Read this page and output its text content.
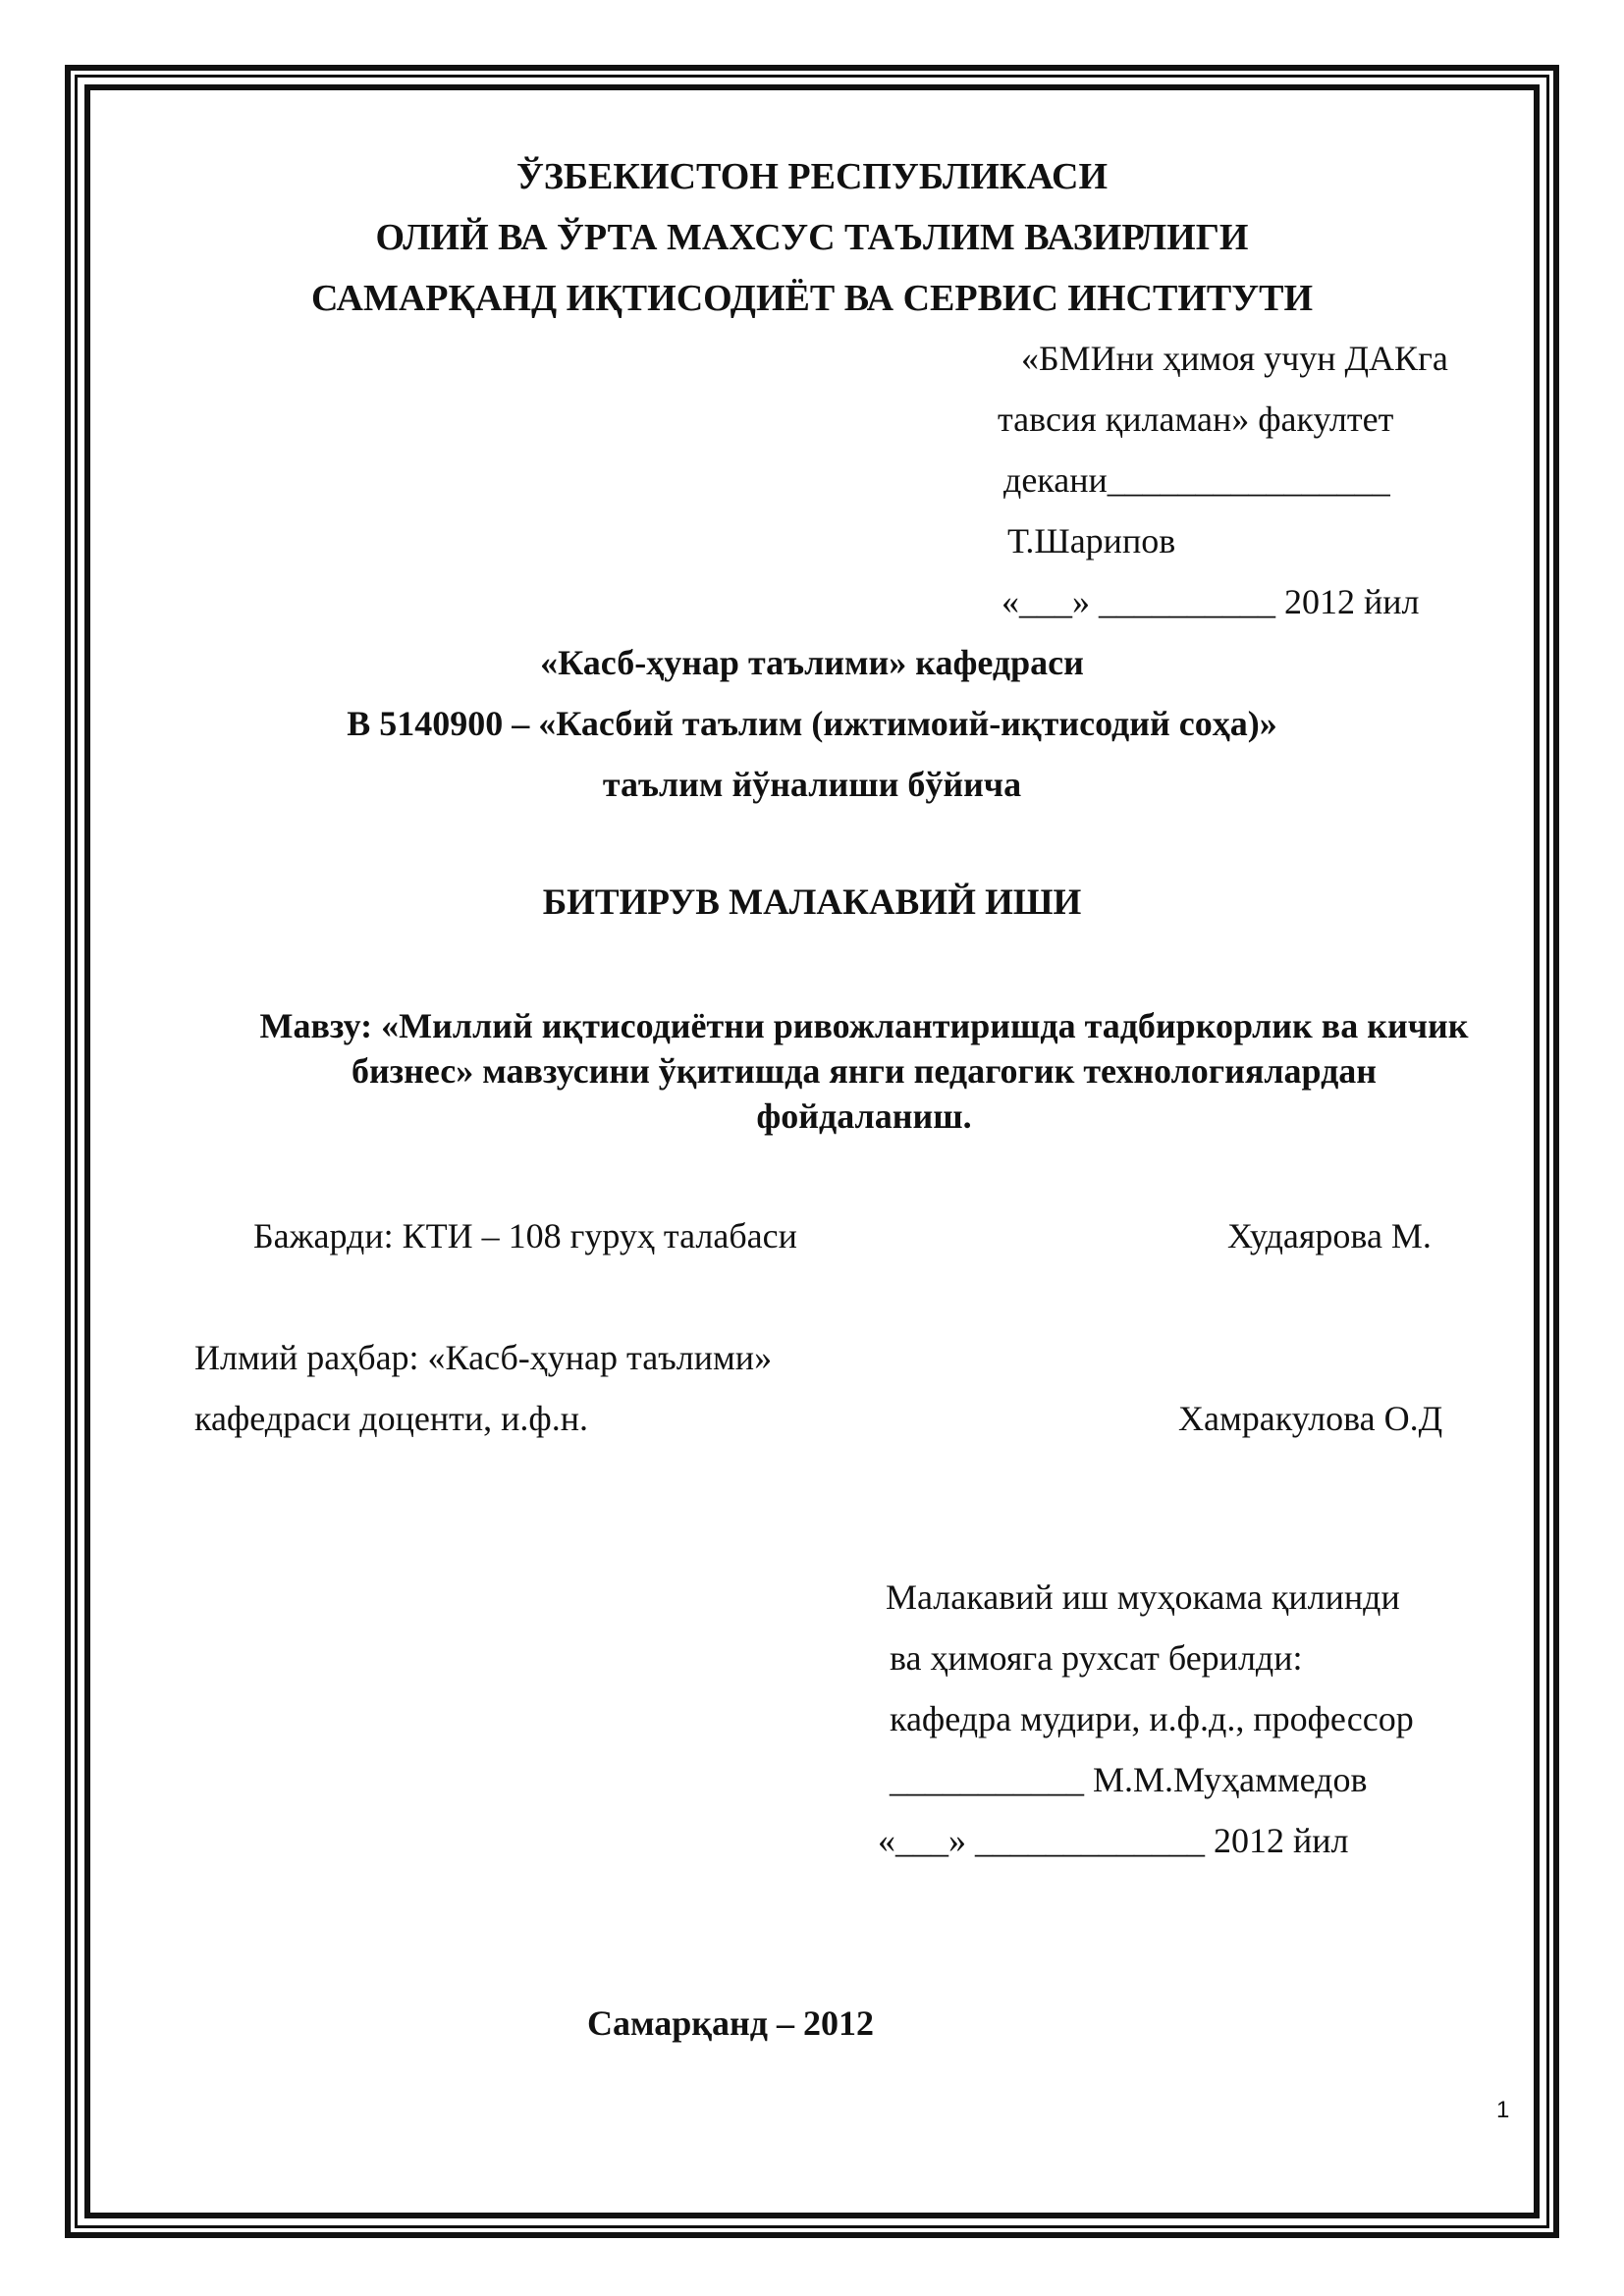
ЎЗБЕКИСТОН РЕСПУБЛИКАСИ
ОЛИЙ ВА ЎРТА МАХСУС ТАЪЛИМ ВАЗИРЛИГИ
САМАРҚАНД ИҚТИСОДИЁТ ВА СЕРВИС ИНСТИТУТИ
«БМИни ҳимоя учун ДАКга
тавсия қиламан» факултет
декани________________
Т.Шарипов
«___» __________ 2012 йил
«Касб-ҳунар таълими» кафедраси
В 5140900 – «Касбий таълим (ижтимоий-иқтисодий соҳа)»
таълим йўналиши бўйича
БИТИРУВ МАЛАКАВИЙ ИШИ
Мавзу: «Миллий иқтисодиётни ривожлантиришда тадбиркорлик ва кичик
бизнес» мавзусини ўқитишда янги педагогик технологиялардан
фойдаланиш.
Бажарди: КТИ – 108 гуруҳ талабаси	Худаярова М.
Илмий раҳбар: «Касб-ҳунар таълими»
кафедраси доценти, и.ф.н.	Хамракулова О.Д
Малакавий иш муҳокама қилинди
ва ҳимояга рухсат берилди:
кафедра мудири, и.ф.д., профессор
___________ М.М.Муҳаммедов
«___» _____________ 2012 йил
Самарқанд – 2012
1
